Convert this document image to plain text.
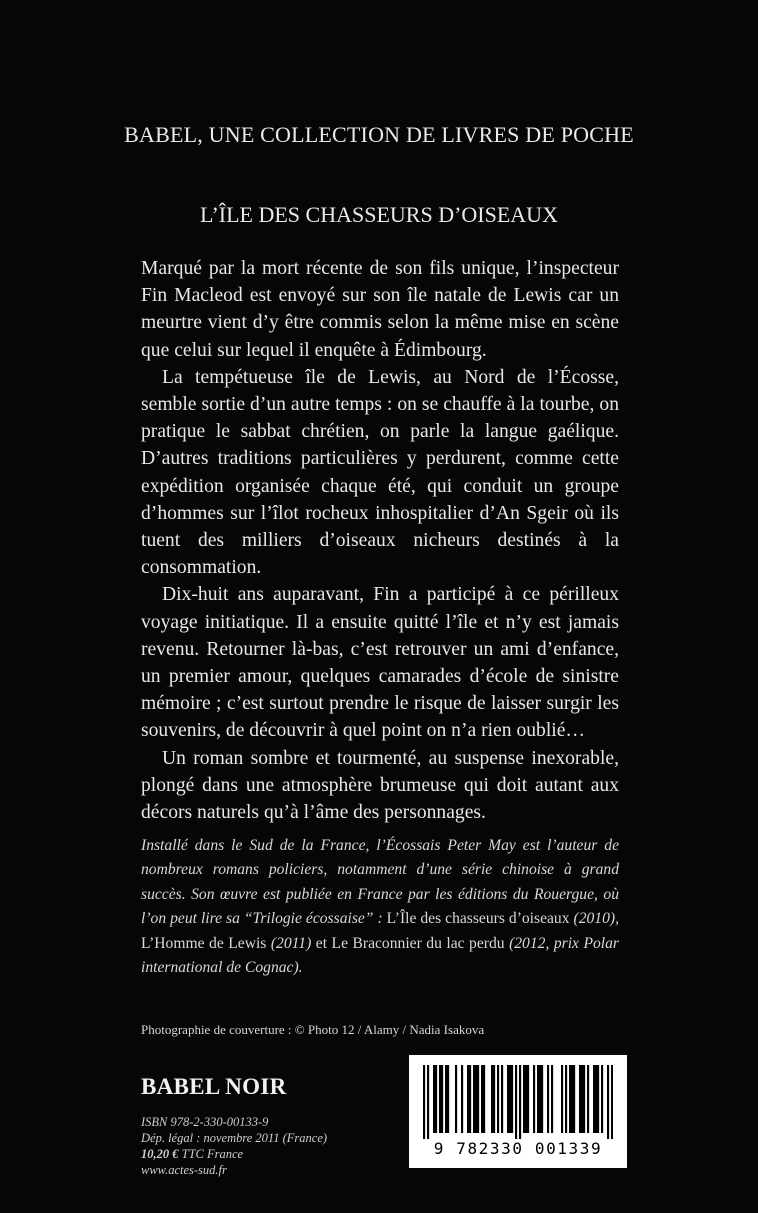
BABEL, UNE COLLECTION DE LIVRES DE POCHE
L’ÎLE DES CHASSEURS D’OISEAUX

Marqué par la mort récente de son fils unique, l’inspecteur Fin Macleod est envoyé sur son île natale de Lewis car un meurtre vient d’y être commis selon la même mise en scène que celui sur lequel il enquête à Édimbourg.

La tempétueuse île de Lewis, au Nord de l’Écosse, semble sortie d’un autre temps : on se chauffe à la tourbe, on pratique le sabbat chrétien, on parle la langue gaélique. D’autres traditions particulières y perdurent, comme cette expédition organisée chaque été, qui conduit un groupe d’hommes sur l’îlot rocheux inhospitalier d’An Sgeir où ils tuent des milliers d’oiseaux nicheurs destinés à la consommation.

Dix-huit ans auparavant, Fin a participé à ce périlleux voyage initiatique. Il a ensuite quitté l’île et n’y est jamais revenu. Retourner là-bas, c’est retrouver un ami d’enfance, un premier amour, quelques camarades d’école de sinistre mémoire ; c’est surtout prendre le risque de laisser surgir les souvenirs, de découvrir à quel point on n’a rien oublié…

Un roman sombre et tourmenté, au suspense inexorable, plongé dans une atmosphère brumeuse qui doit autant aux décors naturels qu’à l’âme des personnages.

Installé dans le Sud de la France, l’Écossais Peter May est l’auteur de nombreux romans policiers, notamment d’une série chinoise à grand succès. Son œuvre est publiée en France par les éditions du Rouergue, où l’on peut lire sa “Trilogie écossaise” : L’Île des chasseurs d’oiseaux (2010), L’Homme de Lewis (2011) et Le Braconnier du lac perdu (2012, prix Polar international de Cognac).
Photographie de couverture : © Photo 12 / Alamy / Nadia Isakova
BABEL NOIR
ISBN 978-2-330-00133-9
Dép. légal : novembre 2011 (France)
10,20 € TTC France
www.actes-sud.fr
9 782330 001339
